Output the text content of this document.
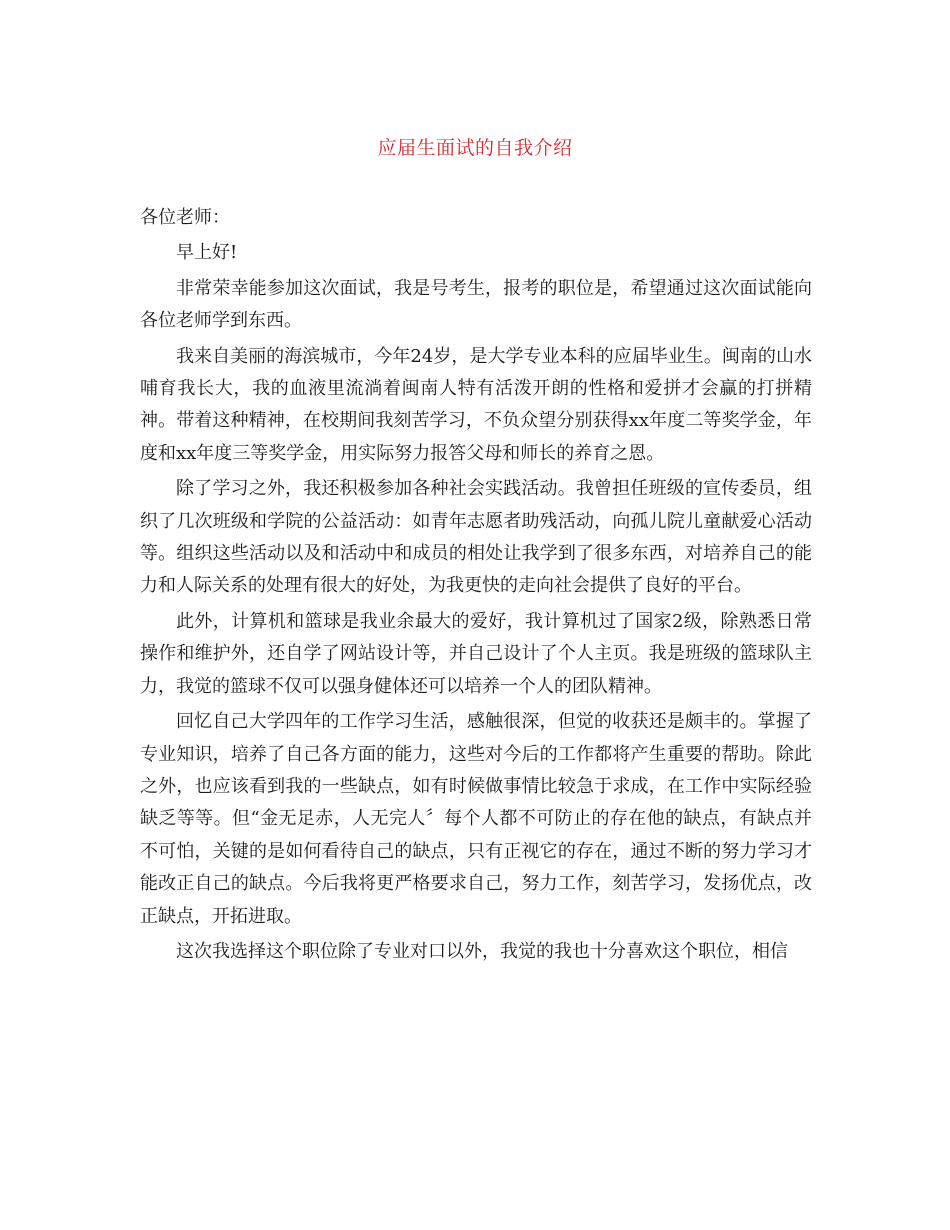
应届生面试的自我介绍

各位老师：

早上好!

非常荣幸能参加这次面试，我是号考生，报考的职位是，希望通过这次面试能向各位老师学到东西。

我来自美丽的海滨城市，今年24岁，是大学专业本科的应届毕业生。闽南的山水哺育我长大，我的血液里流淌着闽南人特有活泼开朗的性格和爱拼才会赢的打拼精神。带着这种精神，在校期间我刻苦学习，不负众望分别获得xx年度二等奖学金，年度和xx年度三等奖学金，用实际努力报答父母和师长的养育之恩。

除了学习之外，我还积极参加各种社会实践活动。我曾担任班级的宣传委员，组织了几次班级和学院的公益活动：如青年志愿者助残活动，向孤儿院儿童献爱心活动等。组织这些活动以及和活动中和成员的相处让我学到了很多东西，对培养自己的能力和人际关系的处理有很大的好处，为我更快的走向社会提供了良好的平台。

此外，计算机和篮球是我业余最大的爱好，我计算机过了国家2级，除熟悉日常操作和维护外，还自学了网站设计等，并自己设计了个人主页。我是班级的篮球队主力，我觉的篮球不仅可以强身健体还可以培养一个人的团队精神。

回忆自己大学四年的工作学习生活，感触很深，但觉的收获还是颇丰的。掌握了专业知识，培养了自己各方面的能力，这些对今后的工作都将产生重要的帮助。除此之外，也应该看到我的一些缺点，如有时候做事情比较急于求成，在工作中实际经验缺乏等等。但“金无足赤，人无完人〞每个人都不可防止的存在他的缺点，有缺点并不可怕，关键的是如何看待自己的缺点，只有正视它的存在，通过不断的努力学习才能改正自己的缺点。今后我将更严格要求自己，努力工作，刻苦学习，发扬优点，改正缺点，开拓进取。

这次我选择这个职位除了专业对口以外，我觉的我也十分喜欢这个职位，相信
